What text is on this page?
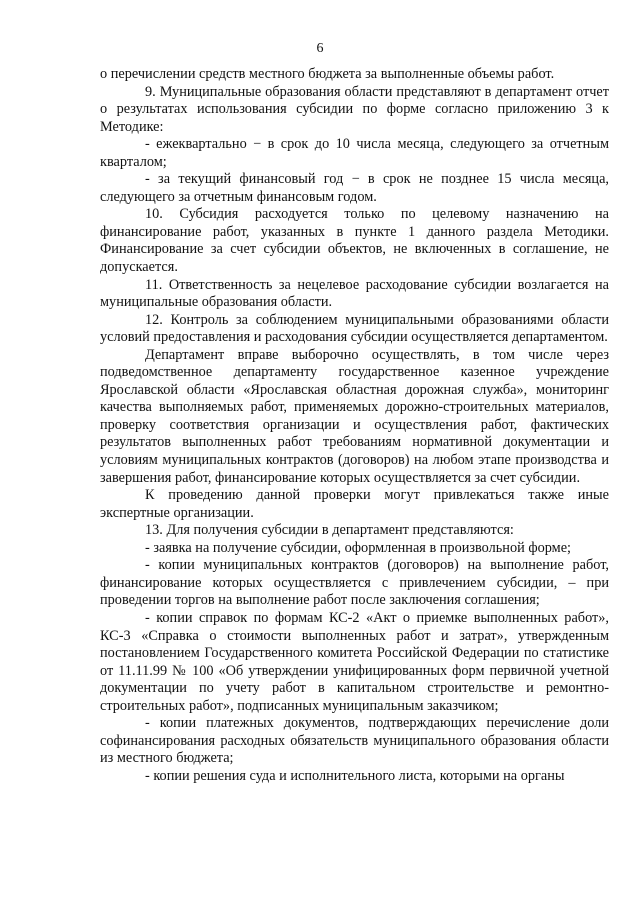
6

о перечислении средств местного бюджета за выполненные объемы работ.

9. Муниципальные образования области представляют в департамент отчет о результатах использования субсидии по форме согласно приложению 3 к Методике:

- ежеквартально − в срок до 10 числа месяца, следующего за отчетным кварталом;

- за текущий финансовый год − в срок не позднее 15 числа месяца, следующего за отчетным финансовым годом.

10. Субсидия расходуется только по целевому назначению на финансирование работ, указанных в пункте 1 данного раздела Методики. Финансирование за счет субсидии объектов, не включенных в соглашение, не допускается.

11. Ответственность за нецелевое расходование субсидии возлагается на муниципальные образования области.

12. Контроль за соблюдением муниципальными образованиями области условий предоставления и расходования субсидии осуществляется департаментом.

Департамент вправе выборочно осуществлять, в том числе через подведомственное департаменту государственное казенное учреждение Ярославской области «Ярославская областная дорожная служба», мониторинг качества выполняемых работ, применяемых дорожно-строительных материалов, проверку соответствия организации и осуществления работ, фактических результатов выполненных работ требованиям нормативной документации и условиям муниципальных контрактов (договоров) на любом этапе производства и завершения работ, финансирование которых осуществляется за счет субсидии.

К проведению данной проверки могут привлекаться также иные экспертные организации.

13. Для получения субсидии в департамент представляются:

- заявка на получение субсидии, оформленная в произвольной форме;

- копии муниципальных контрактов (договоров) на выполнение работ, финансирование которых осуществляется с привлечением субсидии, – при проведении торгов на выполнение работ после заключения соглашения;

- копии справок по формам КС-2 «Акт о приемке выполненных работ», КС-3 «Справка о стоимости выполненных работ и затрат», утвержденным постановлением Государственного комитета Российской Федерации по статистике от 11.11.99 № 100 «Об утверждении унифицированных форм первичной учетной документации по учету работ в капитальном строительстве и ремонтно-строительных работ», подписанных муниципальным заказчиком;

- копии платежных документов, подтверждающих перечисление доли софинансирования расходных обязательств муниципального образования области из местного бюджета;

- копии решения суда и исполнительного листа, которыми на органы
